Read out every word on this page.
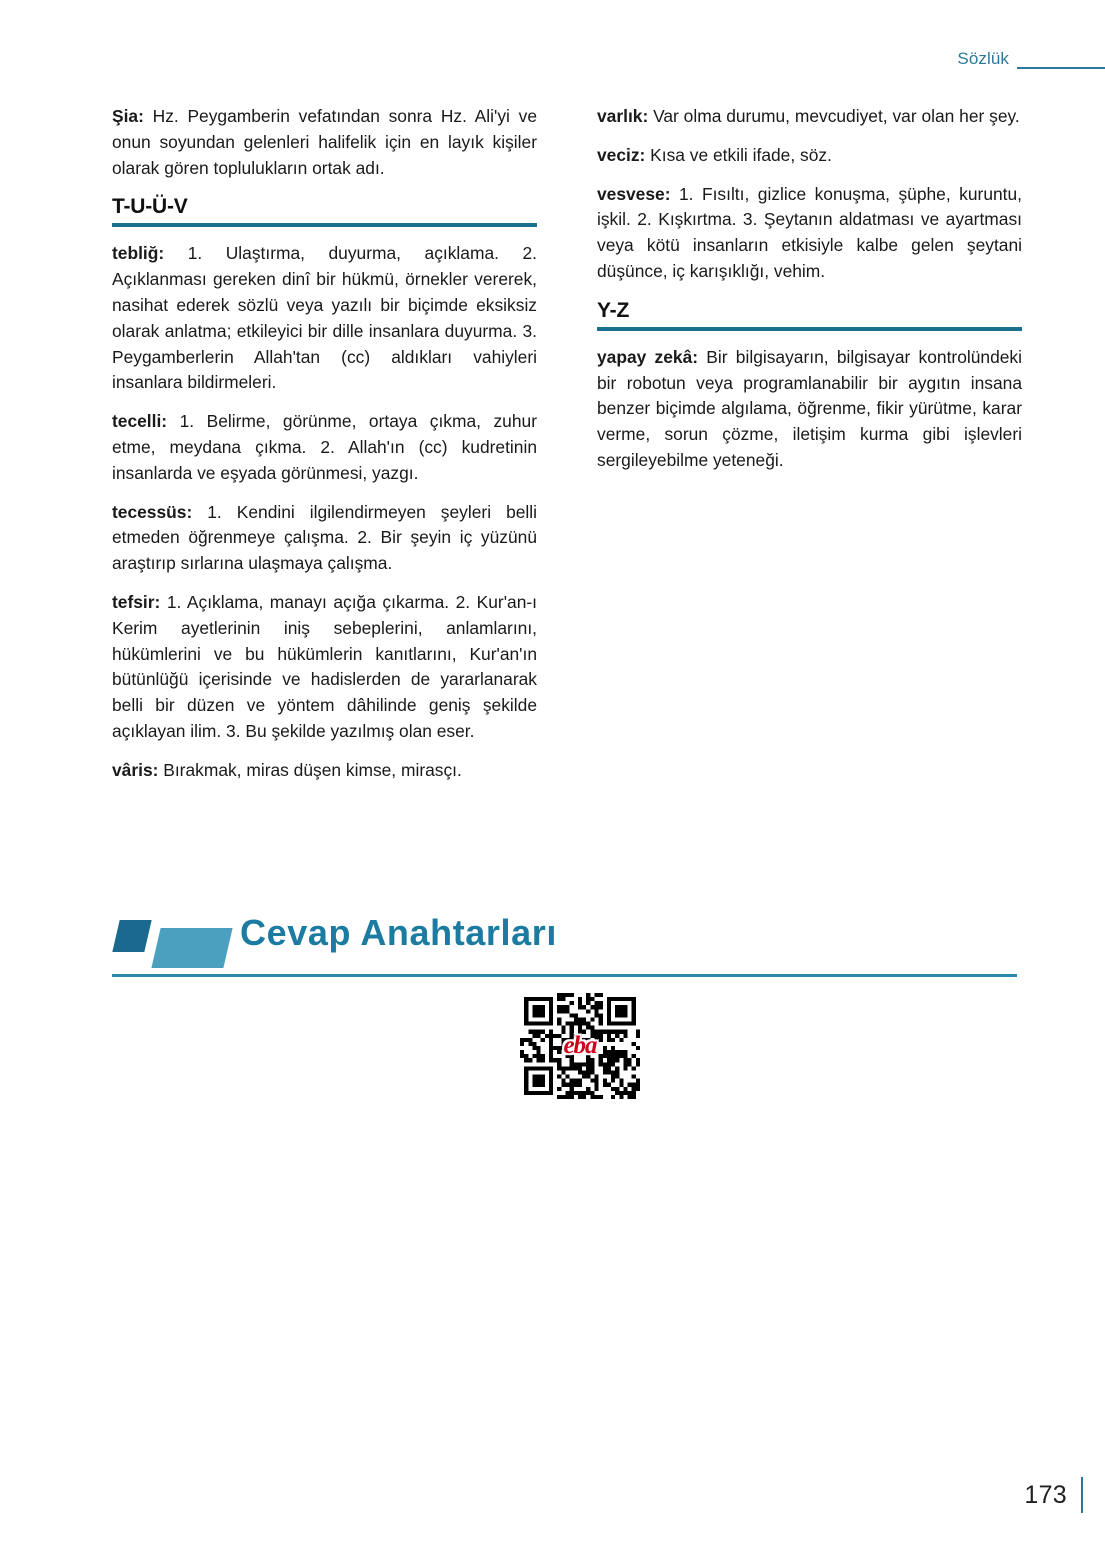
Sözlük

Şia: Hz. Peygamberin vefatından sonra Hz. Ali'yi ve onun soyundan gelenleri halifelik için en layık kişiler olarak gören toplulukların ortak adı.

T-U-Ü-V

tebliğ: 1. Ulaştırma, duyurma, açıklama. 2. Açıklanması gereken dinî bir hükmü, örnekler vererek, nasihat ederek sözlü veya yazılı bir biçimde eksiksiz olarak anlatma; etkileyici bir dille insanlara duyurma. 3. Peygamberlerin Allah'tan (cc) aldıkları vahiyleri insanlara bildirmeleri.

tecelli: 1. Belirme, görünme, ortaya çıkma, zuhur etme, meydana çıkma. 2. Allah'ın (cc) kudretinin insanlarda ve eşyada görünmesi, yazgı.

tecessüs: 1. Kendini ilgilendirmeyen şeyleri belli etmeden öğrenmeye çalışma. 2. Bir şeyin iç yüzünü araştırıp sırlarına ulaşmaya çalışma.

tefsir: 1. Açıklama, manayı açığa çıkarma. 2. Kur'an-ı Kerim ayetlerinin iniş sebeplerini, anlamlarını, hükümlerini ve bu hükümlerin kanıtlarını, Kur'an'ın bütünlüğü içerisinde ve hadislerden de yararlanarak belli bir düzen ve yöntem dâhilinde geniş şekilde açıklayan ilim. 3. Bu şekilde yazılmış olan eser.

vâris: Bırakmak, miras düşen kimse, mirasçı.

varlık: Var olma durumu, mevcudiyet, var olan her şey.

veciz: Kısa ve etkili ifade, söz.

vesvese: 1. Fısıltı, gizlice konuşma, şüphe, kuruntu, işkil. 2. Kışkırtma. 3. Şeytanın aldatması ve ayartması veya kötü insanların etkisiyle kalbe gelen şeytani düşünce, iç karışıklığı, vehim.

Y-Z

yapay zekâ: Bir bilgisayarın, bilgisayar kontrolündeki bir robotun veya programlanabilir bir aygıtın insana benzer biçimde algılama, öğrenme, fikir yürütme, karar verme, sorun çözme, iletişim kurma gibi işlevleri sergileyebilme yeteneği.

Cevap Anahtarları
eba
173
